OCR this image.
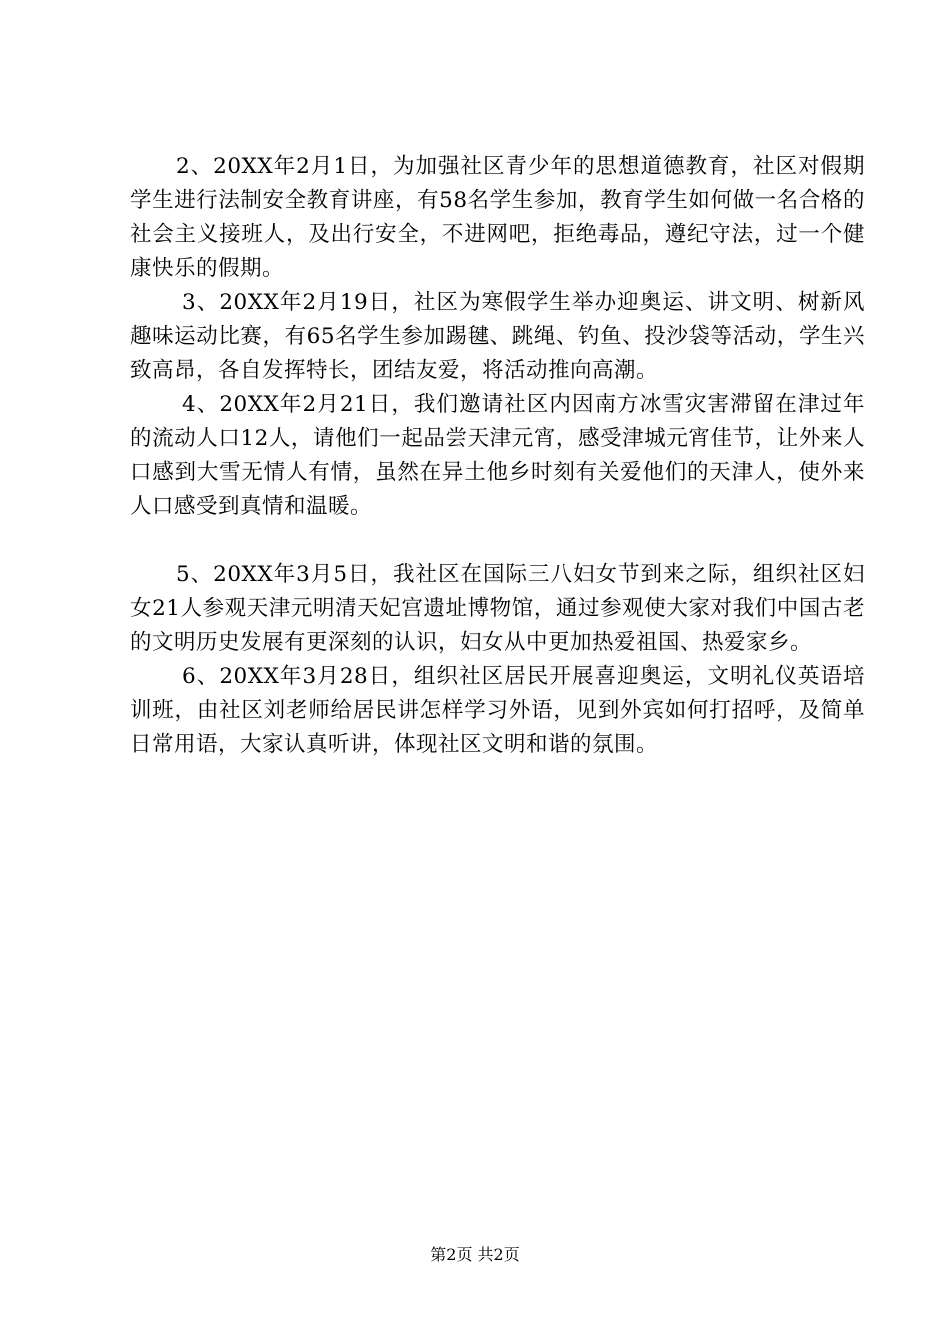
2、20XX年2月1日，为加强社区青少年的思想道德教育，社区对假期学生进行法制安全教育讲座，有58名学生参加，教育学生如何做一名合格的社会主义接班人，及出行安全，不进网吧，拒绝毒品，遵纪守法，过一个健康快乐的假期。

3、20XX年2月19日，社区为寒假学生举办迎奥运、讲文明、树新风趣味运动比赛，有65名学生参加踢毽、跳绳、钓鱼、投沙袋等活动，学生兴致高昂，各自发挥特长，团结友爱，将活动推向高潮。

4、20XX年2月21日，我们邀请社区内因南方冰雪灾害滞留在津过年的流动人口12人，请他们一起品尝天津元宵，感受津城元宵佳节，让外来人口感到大雪无情人有情，虽然在异土他乡时刻有关爱他们的天津人，使外来人口感受到真情和温暖。

5、20XX年3月5日，我社区在国际三八妇女节到来之际，组织社区妇女21人参观天津元明清天妃宫遗址博物馆，通过参观使大家对我们中国古老的文明历史发展有更深刻的认识，妇女从中更加热爱祖国、热爱家乡。

6、20XX年3月28日，组织社区居民开展喜迎奥运，文明礼仪英语培训班，由社区刘老师给居民讲怎样学习外语，见到外宾如何打招呼，及简单日常用语，大家认真听讲，体现社区文明和谐的氛围。

第2页 共2页
